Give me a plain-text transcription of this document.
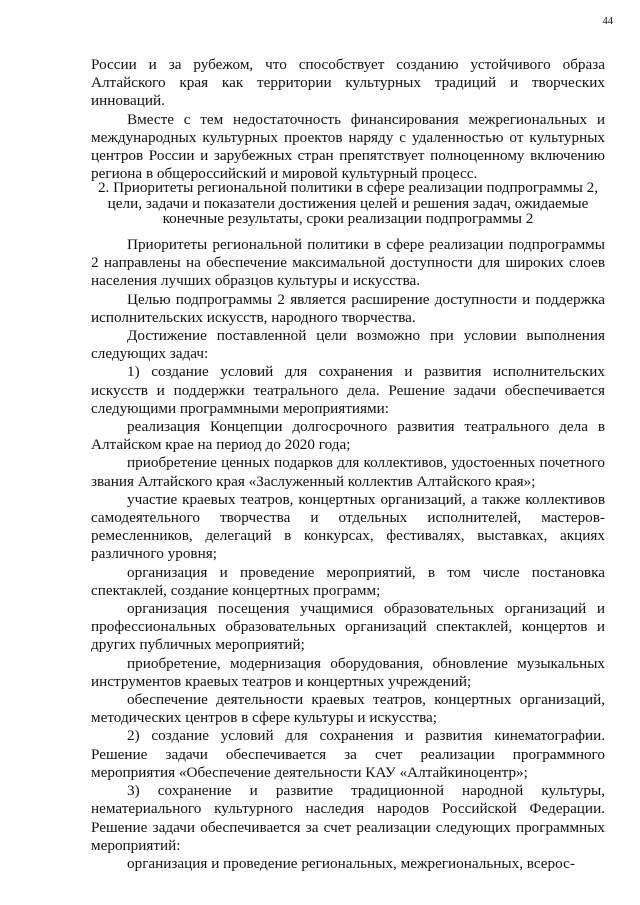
44

России и за рубежом, что способствует созданию устойчивого образа Алтайского края как территории культурных традиций и творческих инноваций.

Вместе с тем недостаточность финансирования межрегиональных и международных культурных проектов наряду с удаленностью от культурных центров России и зарубежных стран препятствует полноценному включению региона в общероссийский и мировой культурный процесс.

2. Приоритеты региональной политики в сфере реализации подпрограммы 2, цели, задачи и показатели достижения целей и решения задач, ожидаемые конечные результаты, сроки реализации подпрограммы 2

Приоритеты региональной политики в сфере реализации подпрограммы 2 направлены на обеспечение максимальной доступности для широких слоев населения лучших образцов культуры и искусства.

Целью подпрограммы 2 является расширение доступности и поддержка исполнительских искусств, народного творчества.

Достижение поставленной цели возможно при условии выполнения следующих задач:

1) создание условий для сохранения и развития исполнительских искусств и поддержки театрального дела. Решение задачи обеспечивается следующими программными мероприятиями:

реализация Концепции долгосрочного развития театрального дела в Алтайском крае на период до 2020 года;

приобретение ценных подарков для коллективов, удостоенных почетного звания Алтайского края «Заслуженный коллектив Алтайского края»;

участие краевых театров, концертных организаций, а также коллективов самодеятельного творчества и отдельных исполнителей, мастеров-ремесленников, делегаций в конкурсах, фестивалях, выставках, акциях различного уровня;

организация и проведение мероприятий, в том числе постановка спектаклей, создание концертных программ;

организация посещения учащимися образовательных организаций и профессиональных образовательных организаций спектаклей, концертов и других публичных мероприятий;

приобретение, модернизация оборудования, обновление музыкальных инструментов краевых театров и концертных учреждений;

обеспечение деятельности краевых театров, концертных организаций, методических центров в сфере культуры и искусства;

2) создание условий для сохранения и развития кинематографии. Решение задачи обеспечивается за счет реализации программного мероприятия «Обеспечение деятельности КАУ «Алтайкиноцентр»;

3) сохранение и развитие традиционной народной культуры, нематериального культурного наследия народов Российской Федерации. Решение задачи обеспечивается за счет реализации следующих программных мероприятий:

организация и проведение региональных, межрегиональных, всерос-
